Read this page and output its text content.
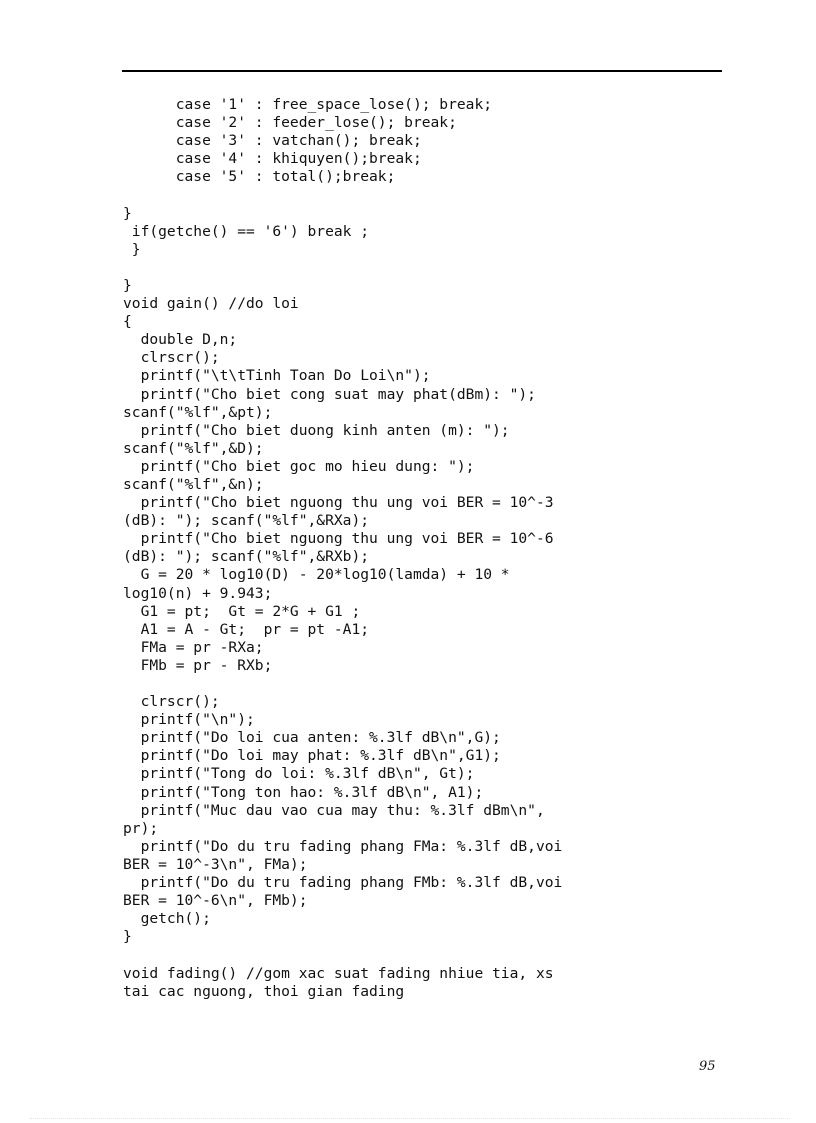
case '1' : free_space_lose(); break;
case '2' : feeder_lose(); break;
case '3' : vatchan(); break;
case '4' : khiquyen();break;
case '5' : total();break;

}
if(getche() == '6') break ;
}

}
void gain() //do loi
{
double D,n;
clrscr();
printf("\t\tTinh Toan Do Loi\n");
printf("Cho biet cong suat may phat(dBm): ");
scanf("%lf",&pt);
printf("Cho biet duong kinh anten (m): ");
scanf("%lf",&D);
printf("Cho biet goc mo hieu dung: ");
scanf("%lf",&n);
printf("Cho biet nguong thu ung voi BER = 10^-3
(dB): "); scanf("%lf",&RXa);
printf("Cho biet nguong thu ung voi BER = 10^-6
(dB): "); scanf("%lf",&RXb);
G = 20 * log10(D) - 20*log10(lamda) + 10 *
log10(n) + 9.943;
G1 = pt;  Gt = 2*G + G1 ;
A1 = A - Gt;  pr = pt -A1;
FMa = pr -RXa;
FMb = pr - RXb;

clrscr();
printf("\n");
printf("Do loi cua anten: %.3lf dB\n",G);
printf("Do loi may phat: %.3lf dB\n",G1);
printf("Tong do loi: %.3lf dB\n", Gt);
printf("Tong ton hao: %.3lf dB\n", A1);
printf("Muc dau vao cua may thu: %.3lf dBm\n",
pr);
printf("Do du tru fading phang FMa: %.3lf dB,voi
BER = 10^-3\n", FMa);
printf("Do du tru fading phang FMb: %.3lf dB,voi
BER = 10^-6\n", FMb);
getch();
}

void fading() //gom xac suat fading nhiue tia, xs
tai cac nguong, thoi gian fading
95
